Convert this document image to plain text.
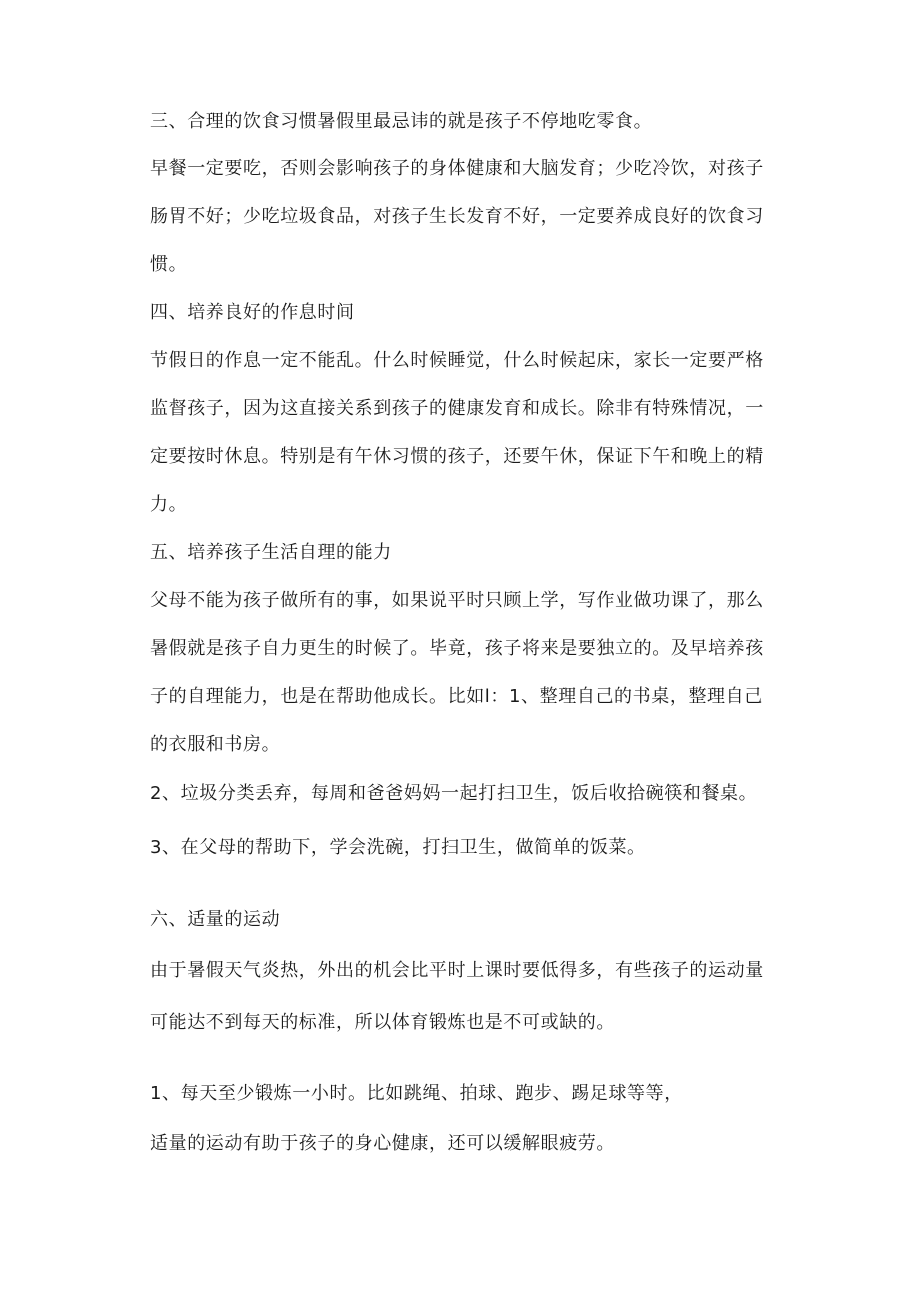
三、合理的饮食习惯暑假里最忌讳的就是孩子不停地吃零食。
早餐一定要吃，否则会影响孩子的身体健康和大脑发育；少吃冷饮，对孩子
肠胃不好；少吃垃圾食品，对孩子生长发育不好，一定要养成良好的饮食习
惯。
四、培养良好的作息时间
节假日的作息一定不能乱。什么时候睡觉，什么时候起床，家长一定要严格
监督孩子，因为这直接关系到孩子的健康发育和成长。除非有特殊情况，一
定要按时休息。特别是有午休习惯的孩子，还要午休，保证下午和晚上的精
力。
五、培养孩子生活自理的能力
父母不能为孩子做所有的事，如果说平时只顾上学，写作业做功课了，那么
暑假就是孩子自力更生的时候了。毕竟，孩子将来是要独立的。及早培养孩
子的自理能力，也是在帮助他成长。比如l：1、整理自己的书桌，整理自己
的衣服和书房。
2、垃圾分类丢弃，每周和爸爸妈妈一起打扫卫生，饭后收拾碗筷和餐桌。
3、在父母的帮助下，学会洗碗，打扫卫生，做简单的饭菜。
六、适量的运动
由于暑假天气炎热，外出的机会比平时上课时要低得多，有些孩子的运动量
可能达不到每天的标准，所以体育锻炼也是不可或缺的。
1、每天至少锻炼一小时。比如跳绳、拍球、跑步、踢足球等等，
适量的运动有助于孩子的身心健康，还可以缓解眼疲劳。
